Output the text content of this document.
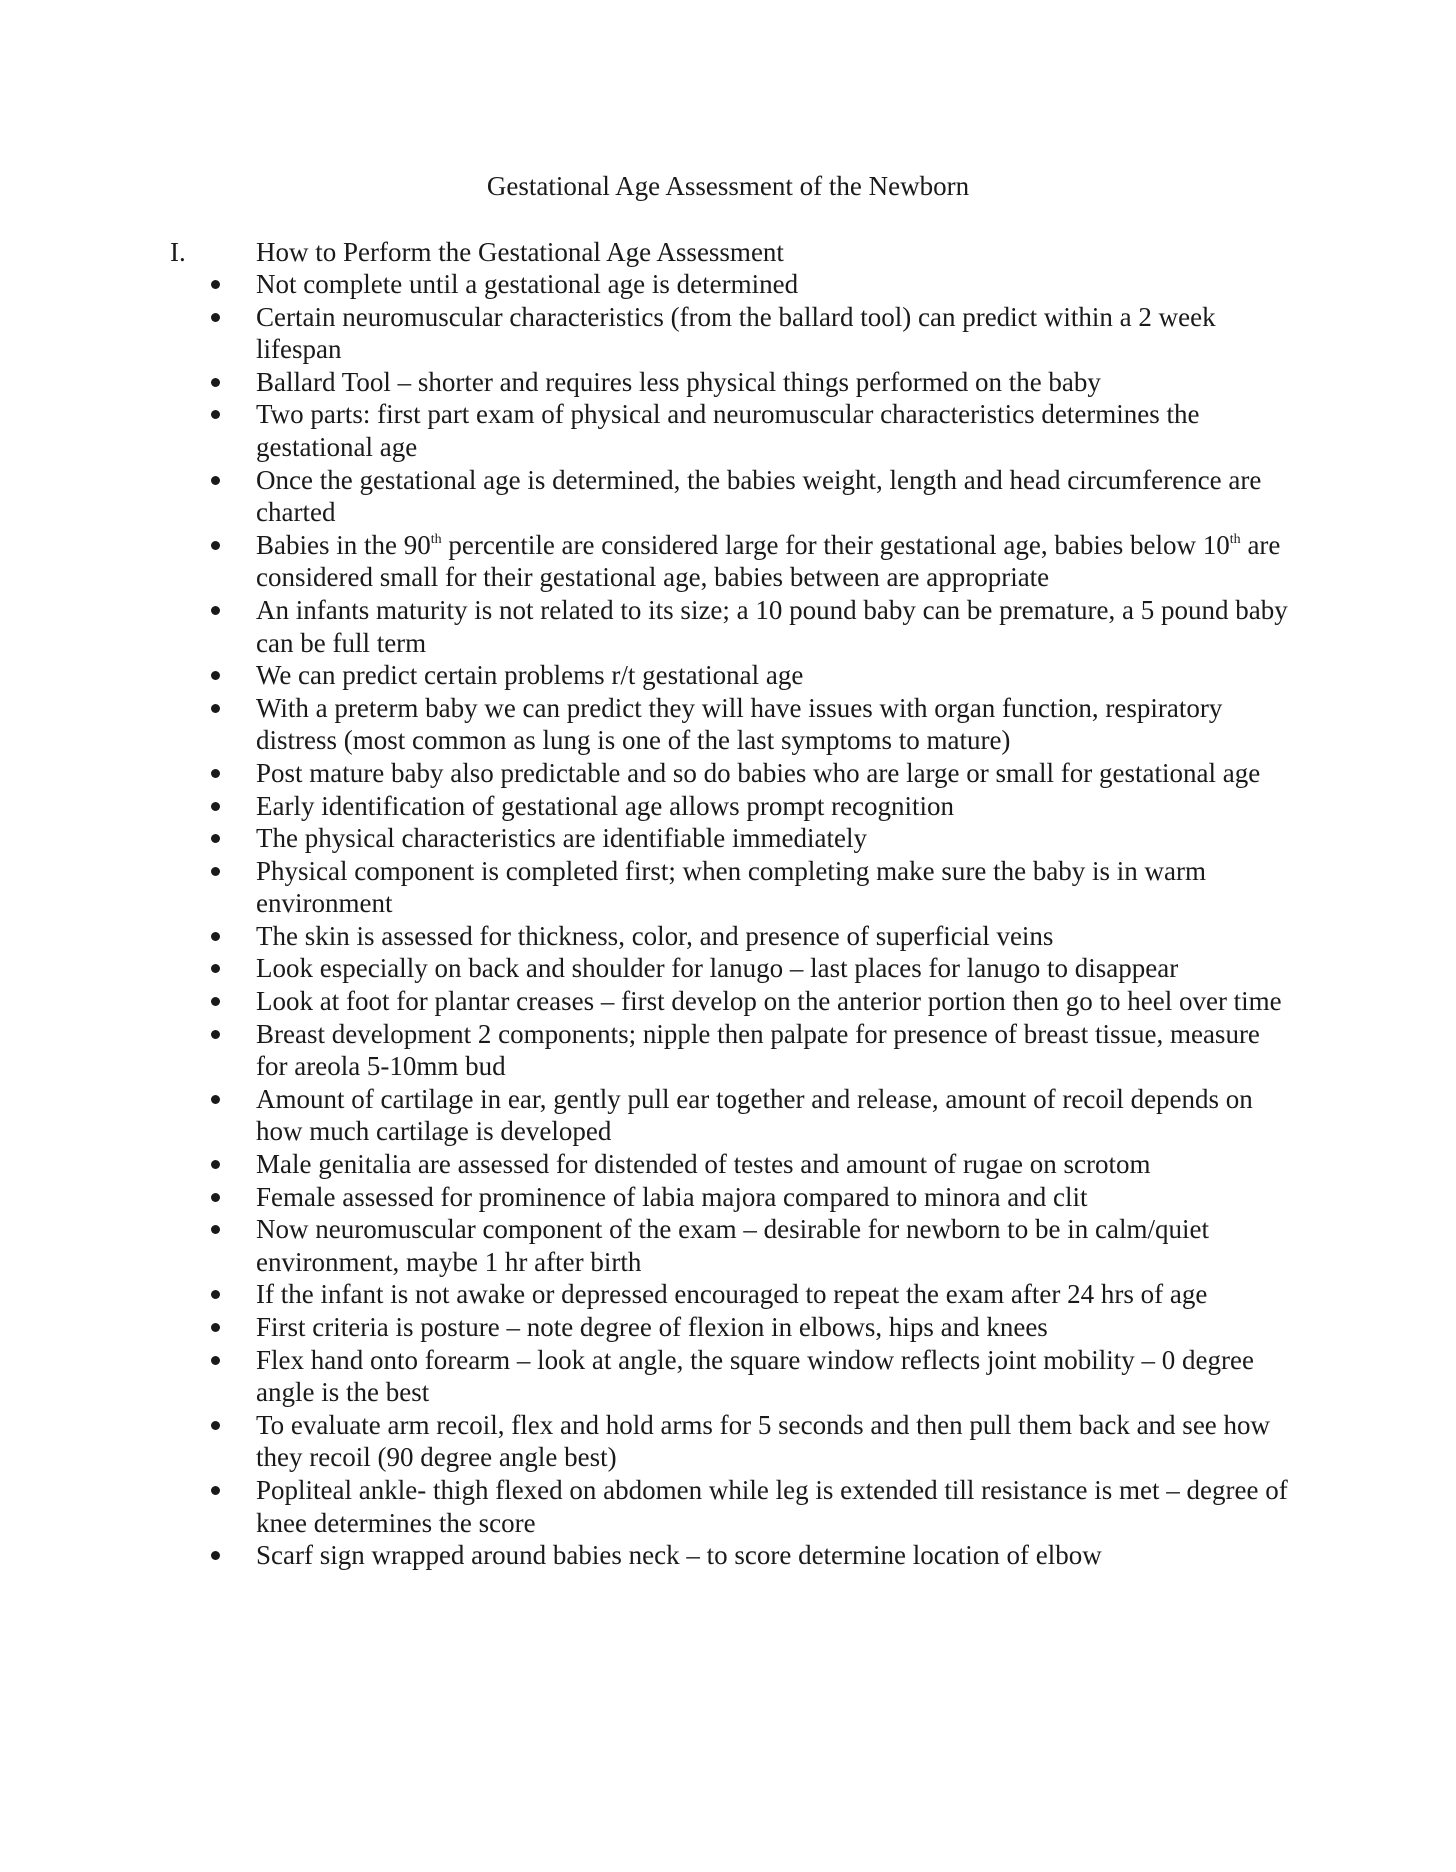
Gestational Age Assessment of the Newborn
I.	How to Perform the Gestational Age Assessment
Not complete until a gestational age is determined
Certain neuromuscular characteristics (from the ballard tool) can predict within a 2 week lifespan
Ballard Tool – shorter and requires less physical things performed on the baby
Two parts: first part exam of physical and neuromuscular characteristics determines the gestational age
Once the gestational age is determined, the babies weight, length and head circumference are charted
Babies in the 90th percentile are considered large for their gestational age, babies below 10th are considered small for their gestational age, babies between are appropriate
An infants maturity is not related to its size; a 10 pound baby can be premature, a 5 pound baby can be full term
We can predict certain problems r/t gestational age
With a preterm baby we can predict they will have issues with organ function, respiratory distress (most common as lung is one of the last symptoms to mature)
Post mature baby also predictable and so do babies who are large or small for gestational age
Early identification of gestational age allows prompt recognition
The physical characteristics are identifiable immediately
Physical component is completed first; when completing make sure the baby is in warm environment
The skin is assessed for thickness, color, and presence of superficial veins
Look especially on back and shoulder for lanugo – last places for lanugo to disappear
Look at foot for plantar creases – first develop on the anterior portion then go to heel over time
Breast development 2 components; nipple then palpate for presence of breast tissue, measure for areola 5-10mm bud
Amount of cartilage in ear, gently pull ear together and release, amount of recoil depends on how much cartilage is developed
Male genitalia are assessed for distended of testes and amount of rugae on scrotom
Female assessed for prominence of labia majora compared to minora and clit
Now neuromuscular component of the exam – desirable for newborn to be in calm/quiet environment, maybe 1 hr after birth
If the infant is not awake or depressed encouraged to repeat the exam after 24 hrs of age
First criteria is posture – note degree of flexion in elbows, hips and knees
Flex hand onto forearm – look at angle, the square window reflects joint mobility – 0 degree angle is the best
To evaluate arm recoil, flex and hold arms for 5 seconds and then pull them back and see how they recoil (90 degree angle best)
Popliteal ankle- thigh flexed on abdomen while leg is extended till resistance is met – degree of knee determines the score
Scarf sign wrapped around babies neck – to score determine location of elbow
